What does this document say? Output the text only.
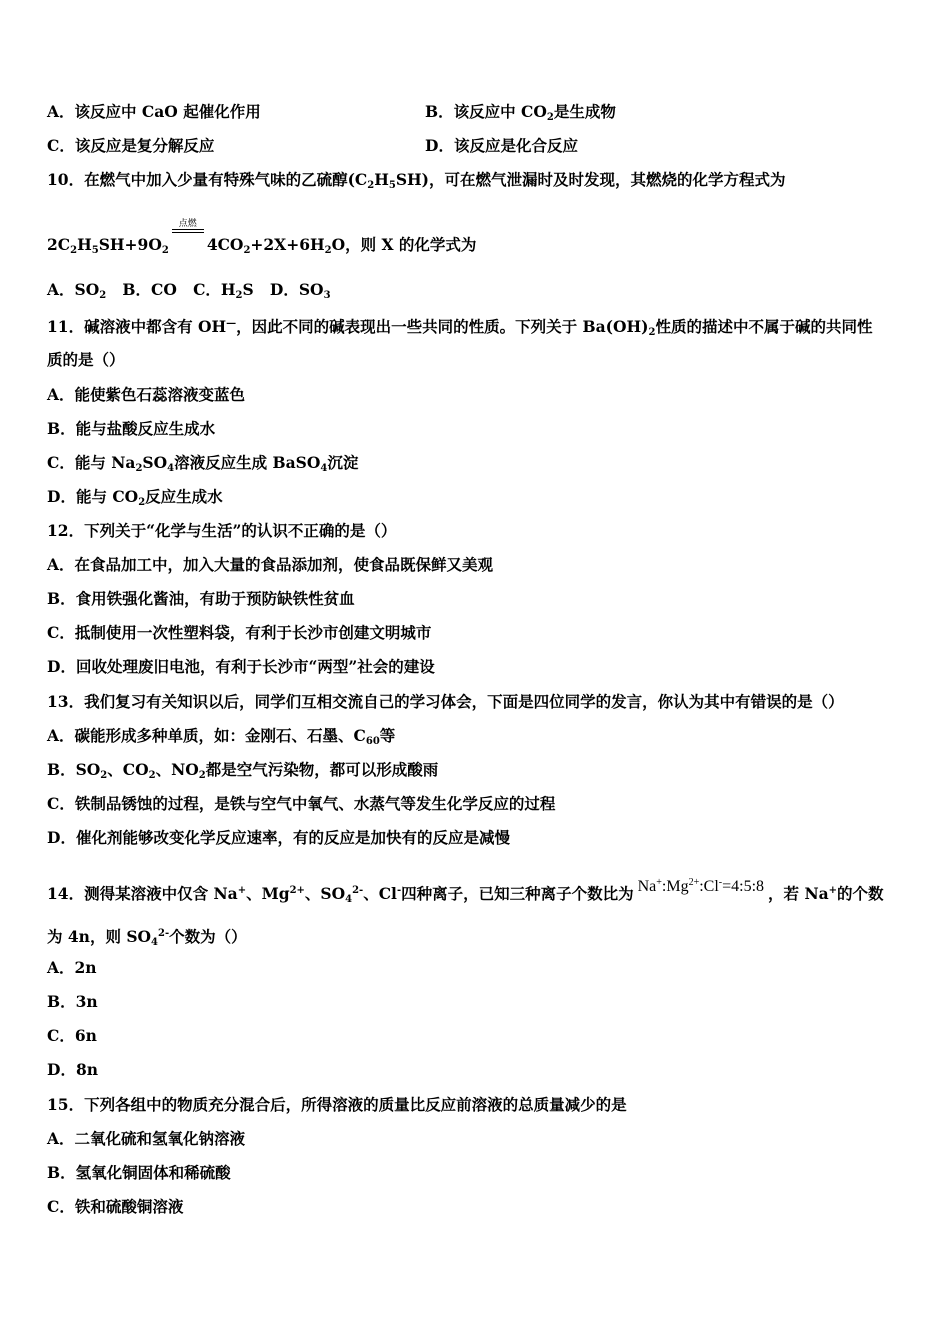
A．该反应中 CaO 起催化作用	B．该反应中 $CO_2$是生成物
C．该反应是复分解反应	D．该反应是化合反应
10．在燃气中加入少量有特殊气味的乙硫醇$(C_2H_5SH)$，可在燃气泄漏时及时发现，其燃烧的化学方程式为
$2C_2H_5SH+9O_2$
点燃
$4CO_2+2X+6H_2O$，则 X 的化学式为
A．$SO_2$ B．CO C．$H_2S$ D．$SO_3$
11．碱溶液中都含有 OH—，因此不同的碱表现出一些共同的性质。下列关于 $Ba(OH)_2$性质的描述中不属于碱的共同性
质的是（）
A．能使紫色石蕊溶液变蓝色
B．能与盐酸反应生成水
C．能与 $Na_2SO_4$溶液反应生成 BaSO$_4$沉淀
D．能与 $CO_2$反应生成水
12．下列关于“化学与生活”的认识不正确的是（）
A．在食品加工中，加入大量的食品添加剂，使食品既保鲜又美观
B．食用铁强化酱油，有助于预防缺铁性贫血
C．抵制使用一次性塑料袋，有利于长沙市创建文明城市
D．回收处理废旧电池，有利于长沙市“两型”社会的建设
13．我们复习有关知识以后，同学们互相交流自己的学习体会，下面是四位同学的发言，你认为其中有错误的是（）
A．碳能形成多种单质，如：金刚石、石墨、$C_{60}$等
B．$SO_2$、$CO_2$、$NO_2$都是空气污染物，都可以形成酸雨
C．铁制品锈蚀的过程，是铁与空气中氧气、水蒸气等发生化学反应的过程
D．催化剂能够改变化学反应速率，有的反应是加快有的反应是减慢
14．测得某溶液中仅含 Na+、$Mg^{2+}$、$SO_4^{2-}$、Cl-四种离子，已知三种离子个数比为 $Na^+:Mg^{2+}:Cl^-=4:5:8$ ，若 Na+的个数
为 4n，则 $SO_4^{2-}$个数为（）
A．2n
B．3n
C．6n
D．8n
15．下列各组中的物质充分混合后，所得溶液的质量比反应前溶液的总质量减少的是
A．二氧化硫和氢氧化钠溶液
B．氢氧化铜固体和稀硫酸
C．铁和硫酸铜溶液
